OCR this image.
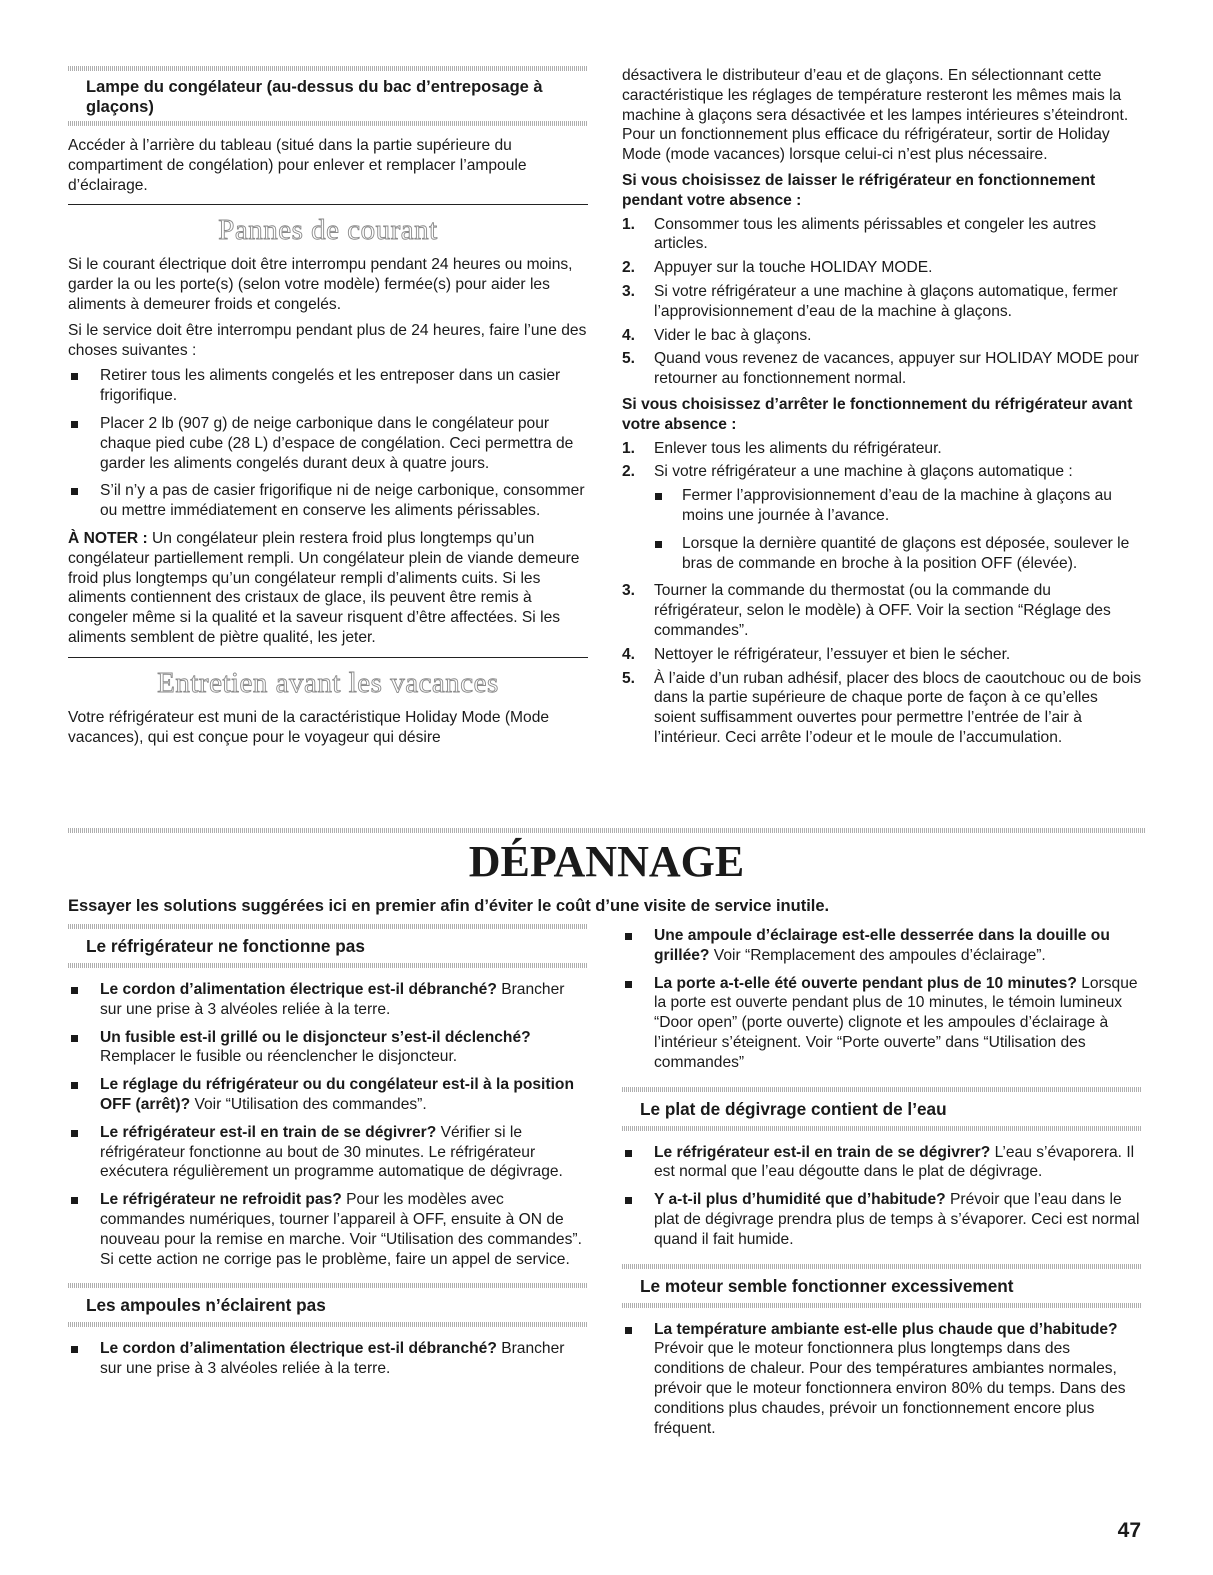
Lampe du congélateur (au-dessus du bac d’entreposage à glaçons)

Accéder à l’arrière du tableau (situé dans la partie supérieure du compartiment de congélation) pour enlever et remplacer l’ampoule d’éclairage.

Pannes de courant

Si le courant électrique doit être interrompu pendant 24 heures ou moins, garder la ou les porte(s) (selon votre modèle) fermée(s) pour aider les aliments à demeurer froids et congelés.

Si le service doit être interrompu pendant plus de 24 heures, faire l’une des choses suivantes :

Retirer tous les aliments congelés et les entreposer dans un casier frigorifique.
Placer 2 lb (907 g) de neige carbonique dans le congélateur pour chaque pied cube (28 L) d’espace de congélation. Ceci permettra de garder les aliments congelés durant deux à quatre jours.
S’il n’y a pas de casier frigorifique ni de neige carbonique, consommer ou mettre immédiatement en conserve les aliments périssables.

À NOTER : Un congélateur plein restera froid plus longtemps qu’un congélateur partiellement rempli. Un congélateur plein de viande demeure froid plus longtemps qu’un congélateur rempli d’aliments cuits. Si les aliments contiennent des cristaux de glace, ils peuvent être remis à congeler même si la qualité et la saveur risquent d’être affectées. Si les aliments semblent de piètre qualité, les jeter.

Entretien avant les vacances

Votre réfrigérateur est muni de la caractéristique Holiday Mode (Mode vacances), qui est conçue pour le voyageur qui désire

désactivera le distributeur d’eau et de glaçons. En sélectionnant cette caractéristique les réglages de température resteront les mêmes mais la machine à glaçons sera désactivée et les lampes intérieures s’éteindront. Pour un fonctionnement plus efficace du réfrigérateur, sortir de Holiday Mode (mode vacances) lorsque celui-ci n’est plus nécessaire.

Si vous choisissez de laisser le réfrigérateur en fonctionnement pendant votre absence :

1. Consommer tous les aliments périssables et congeler les autres articles.
2. Appuyer sur la touche HOLIDAY MODE.
3. Si votre réfrigérateur a une machine à glaçons automatique, fermer l’approvisionnement d’eau de la machine à glaçons.
4. Vider le bac à glaçons.
5. Quand vous revenez de vacances, appuyer sur HOLIDAY MODE pour retourner au fonctionnement normal.

Si vous choisissez d’arrêter le fonctionnement du réfrigérateur avant votre absence :

1. Enlever tous les aliments du réfrigérateur.
2. Si votre réfrigérateur a une machine à glaçons automatique :
Fermer l’approvisionnement d’eau de la machine à glaçons au moins une journée à l’avance.
Lorsque la dernière quantité de glaçons est déposée, soulever le bras de commande en broche à la position OFF (élevée).
3. Tourner la commande du thermostat (ou la commande du réfrigérateur, selon le modèle) à OFF. Voir la section “Réglage des commandes”.
4. Nettoyer le réfrigérateur, l’essuyer et bien le sécher.
5. À l’aide d’un ruban adhésif, placer des blocs de caoutchouc ou de bois dans la partie supérieure de chaque porte de façon à ce qu’elles soient suffisamment ouvertes pour permettre l’entrée de l’air à l’intérieur. Ceci arrête l’odeur et le moule de l’accumulation.
DÉPANNAGE
Essayer les solutions suggérées ici en premier afin d’éviter le coût d’une visite de service inutile.
Le réfrigérateur ne fonctionne pas
Le cordon d’alimentation électrique est-il débranché? Brancher sur une prise à 3 alvéoles reliée à la terre.
Un fusible est-il grillé ou le disjoncteur s’est-il déclenché? Remplacer le fusible ou réenclencher le disjoncteur.
Le réglage du réfrigérateur ou du congélateur est-il à la position OFF (arrêt)? Voir “Utilisation des commandes”.
Le réfrigérateur est-il en train de se dégivrer? Vérifier si le réfrigérateur fonctionne au bout de 30 minutes. Le réfrigérateur exécutera régulièrement un programme automatique de dégivrage.
Le réfrigérateur ne refroidit pas? Pour les modèles avec commandes numériques, tourner l’appareil à OFF, ensuite à ON de nouveau pour la remise en marche. Voir “Utilisation des commandes”. Si cette action ne corrige pas le problème, faire un appel de service.
Les ampoules n’éclairent pas
Le cordon d’alimentation électrique est-il débranché? Brancher sur une prise à 3 alvéoles reliée à la terre.
Une ampoule d’éclairage est-elle desserrée dans la douille ou grillée? Voir “Remplacement des ampoules d’éclairage”.
La porte a-t-elle été ouverte pendant plus de 10 minutes? Lorsque la porte est ouverte pendant plus de 10 minutes, le témoin lumineux “Door open” (porte ouverte) clignote et les ampoules d’éclairage à l’intérieur s’éteignent. Voir “Porte ouverte” dans “Utilisation des commandes”
Le plat de dégivrage contient de l’eau
Le réfrigérateur est-il en train de se dégivrer? L’eau s’évaporera. Il est normal que l’eau dégoutte dans le plat de dégivrage.
Y a-t-il plus d’humidité que d’habitude? Prévoir que l’eau dans le plat de dégivrage prendra plus de temps à s’évaporer. Ceci est normal quand il fait humide.
Le moteur semble fonctionner excessivement
La température ambiante est-elle plus chaude que d’habitude? Prévoir que le moteur fonctionnera plus longtemps dans des conditions de chaleur. Pour des températures ambiantes normales, prévoir que le moteur fonctionnera environ 80% du temps. Dans des conditions plus chaudes, prévoir un fonctionnement encore plus fréquent.
47
